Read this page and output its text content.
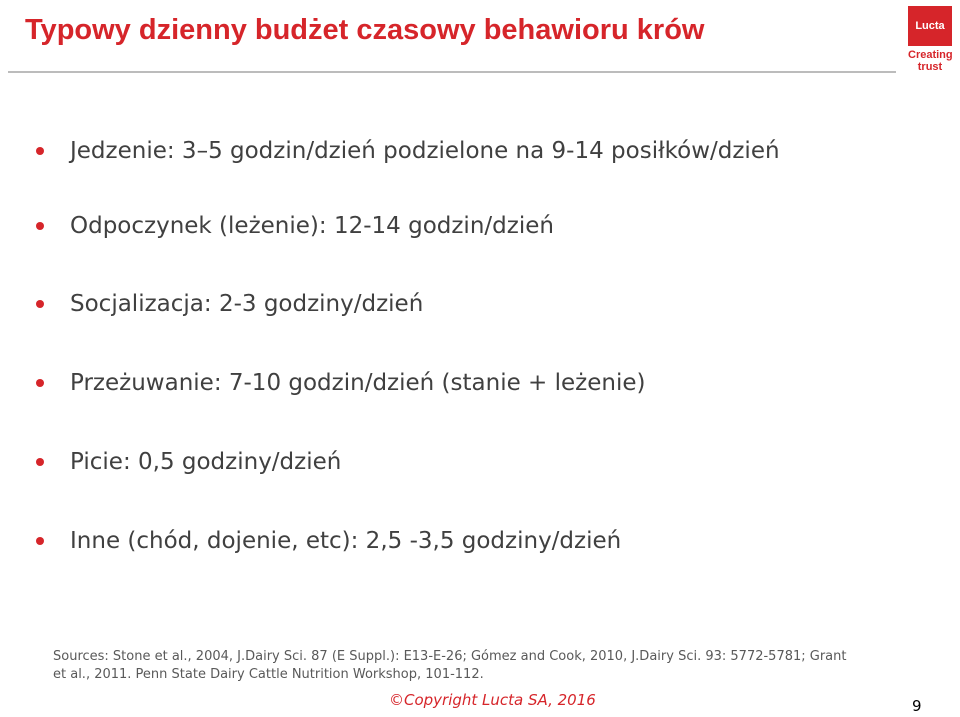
Typowy dzienny budżet czasowy behawioru krów	Lucta
Creating
trust
Jedzenie: 3–5 godzin/dzień podzielone na 9-14 posiłków/dzień
Odpoczynek (leżenie): 12-14 godzin/dzień
Socjalizacja: 2-3 godziny/dzień
Przeżuwanie: 7-10 godzin/dzień (stanie + leżenie)
Picie: 0,5 godziny/dzień
Inne (chód, dojenie, etc): 2,5 -3,5 godziny/dzień
Sources: Stone et al., 2004, J.Dairy Sci. 87 (E Suppl.): E13-E-26; Gómez and Cook, 2010, J.Dairy Sci. 93: 5772-5781; Grant
et al., 2011. Penn State Dairy Cattle Nutrition Workshop, 101-112.
©Copyright Lucta SA, 2016	9
